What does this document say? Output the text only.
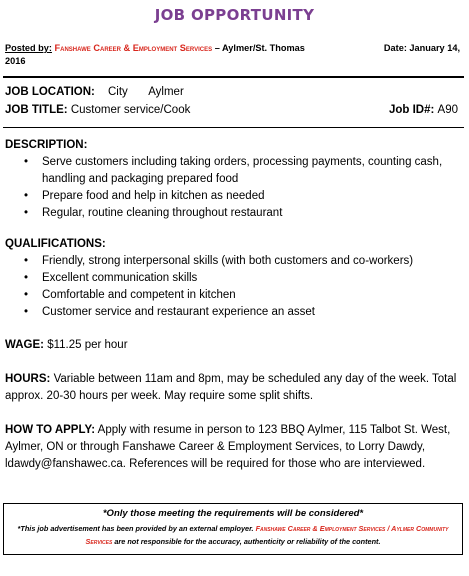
JOB OPPORTUNITY
Posted by: Fanshawe Career & Employment Services – Aylmer/St. Thomas	Date: January 14,

2016
JOB LOCATION: City Aylmer
JOB TITLE: Customer service/Cook	Job ID#: A90
DESCRIPTION:
• Serve customers including taking orders, processing payments, counting cash, handling and packaging prepared food
• Prepare food and help in kitchen as needed
• Regular, routine cleaning throughout restaurant
QUALIFICATIONS:
• Friendly, strong interpersonal skills (with both customers and co-workers)
• Excellent communication skills
• Comfortable and competent in kitchen
• Customer service and restaurant experience an asset
WAGE: $11.25 per hour
HOURS: Variable between 11am and 8pm, may be scheduled any day of the week. Total approx. 20-30 hours per week. May require some split shifts.
HOW TO APPLY: Apply with resume in person to 123 BBQ Aylmer, 115 Talbot St. West, Aylmer, ON or through Fanshawe Career & Employment Services, to Lorry Dawdy, ldawdy@fanshawec.ca. References will be required for those who are interviewed.
*Only those meeting the requirements will be considered*
*This job advertisement has been provided by an external employer. Fanshawe Career & Employment Services / Aylmer Community Services are not responsible for the accuracy, authenticity or reliability of the content.
